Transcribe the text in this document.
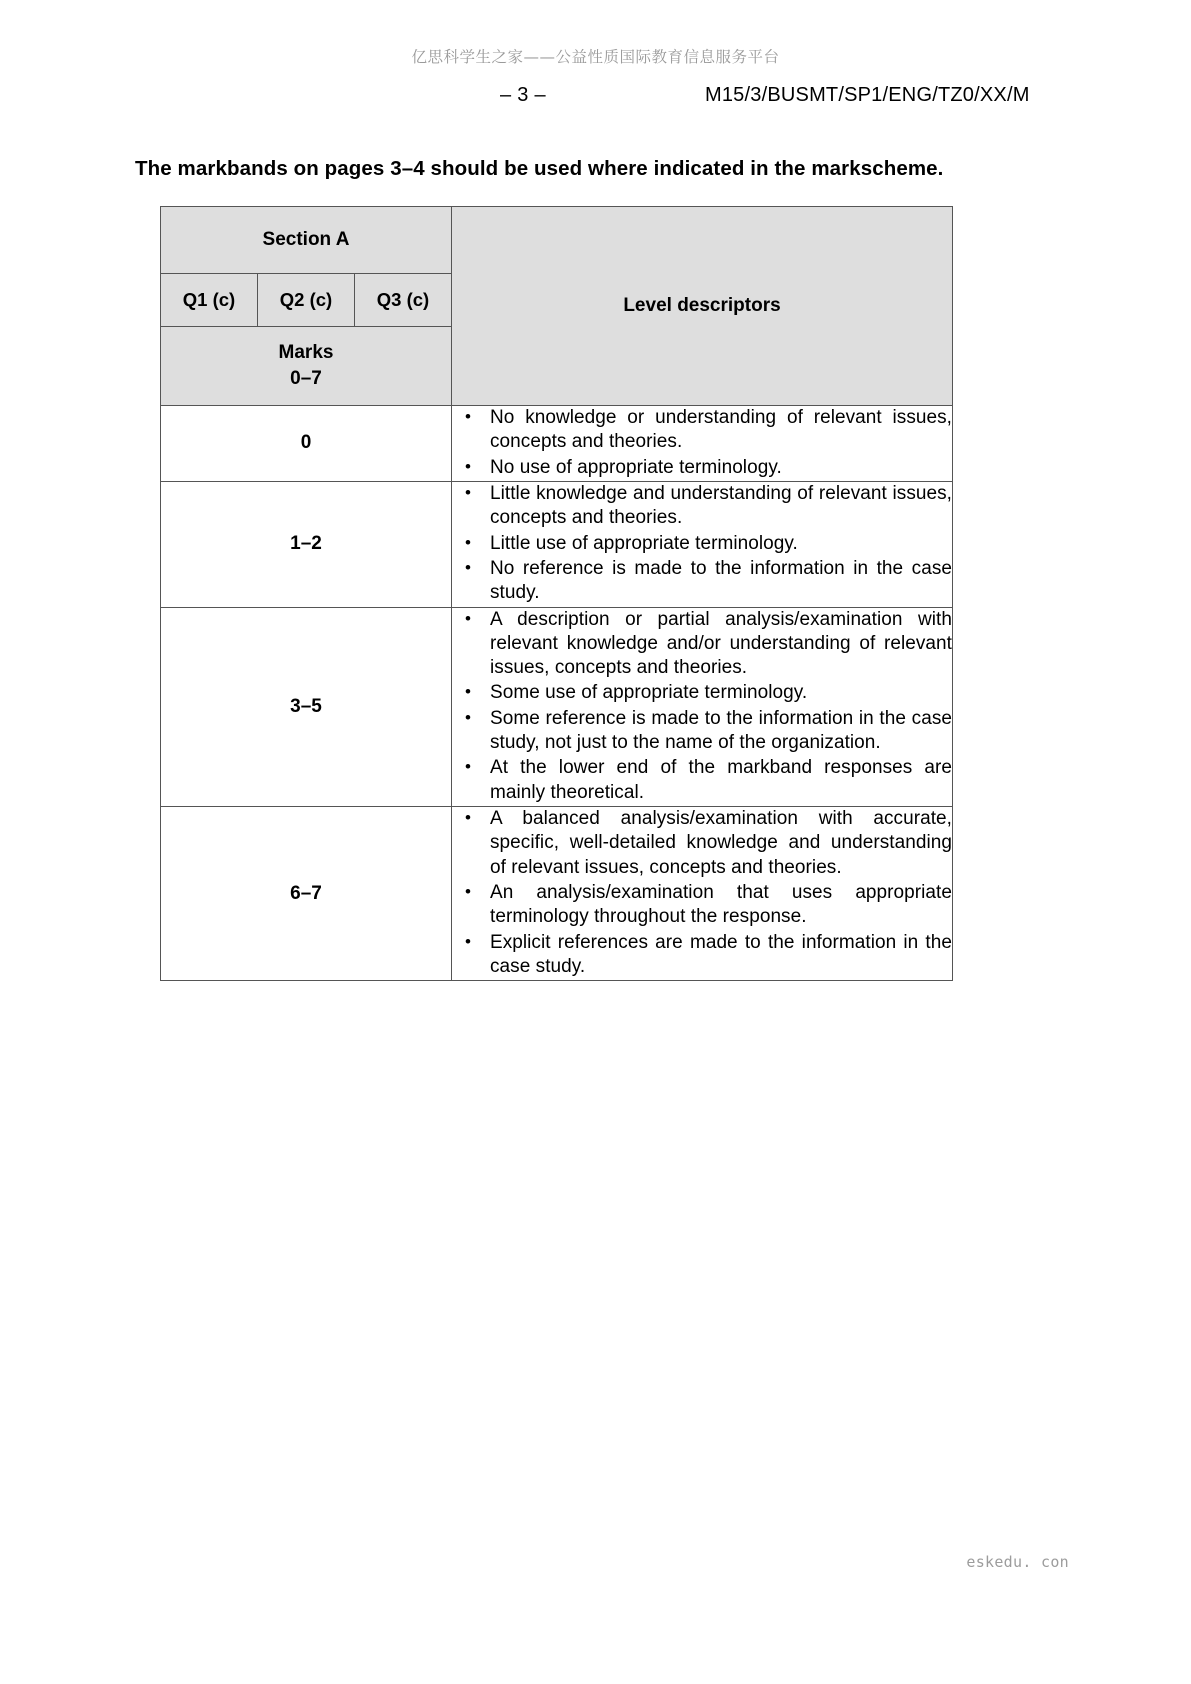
亿思科学生之家——公益性质国际教育信息服务平台
– 3 –	M15/3/BUSMT/SP1/ENG/TZ0/XX/M
The markbands on pages 3–4 should be used where indicated in the markscheme.
Section A			Level descriptors
Q1 (c)	Q2 (c)	Q3 (c)	

Marks
0–7			

0	
• No knowledge or understanding of relevant issues, concepts and theories.
• No use of appropriate terminology.

1–2	
• Little knowledge and understanding of relevant issues, concepts and theories.
• Little use of appropriate terminology.
• No reference is made to the information in the case study.

3–5	
• A description or partial analysis/examination with relevant knowledge and/or understanding of relevant issues, concepts and theories.
• Some use of appropriate terminology.
• Some reference is made to the information in the case study, not just to the name of the organization.
• At the lower end of the markband responses are mainly theoretical.

6–7	
• A balanced analysis/examination with accurate, specific, well-detailed knowledge and understanding of relevant issues, concepts and theories.
• An analysis/examination that uses appropriate terminology throughout the response.
• Explicit references are made to the information in the case study.
eskedu. con
